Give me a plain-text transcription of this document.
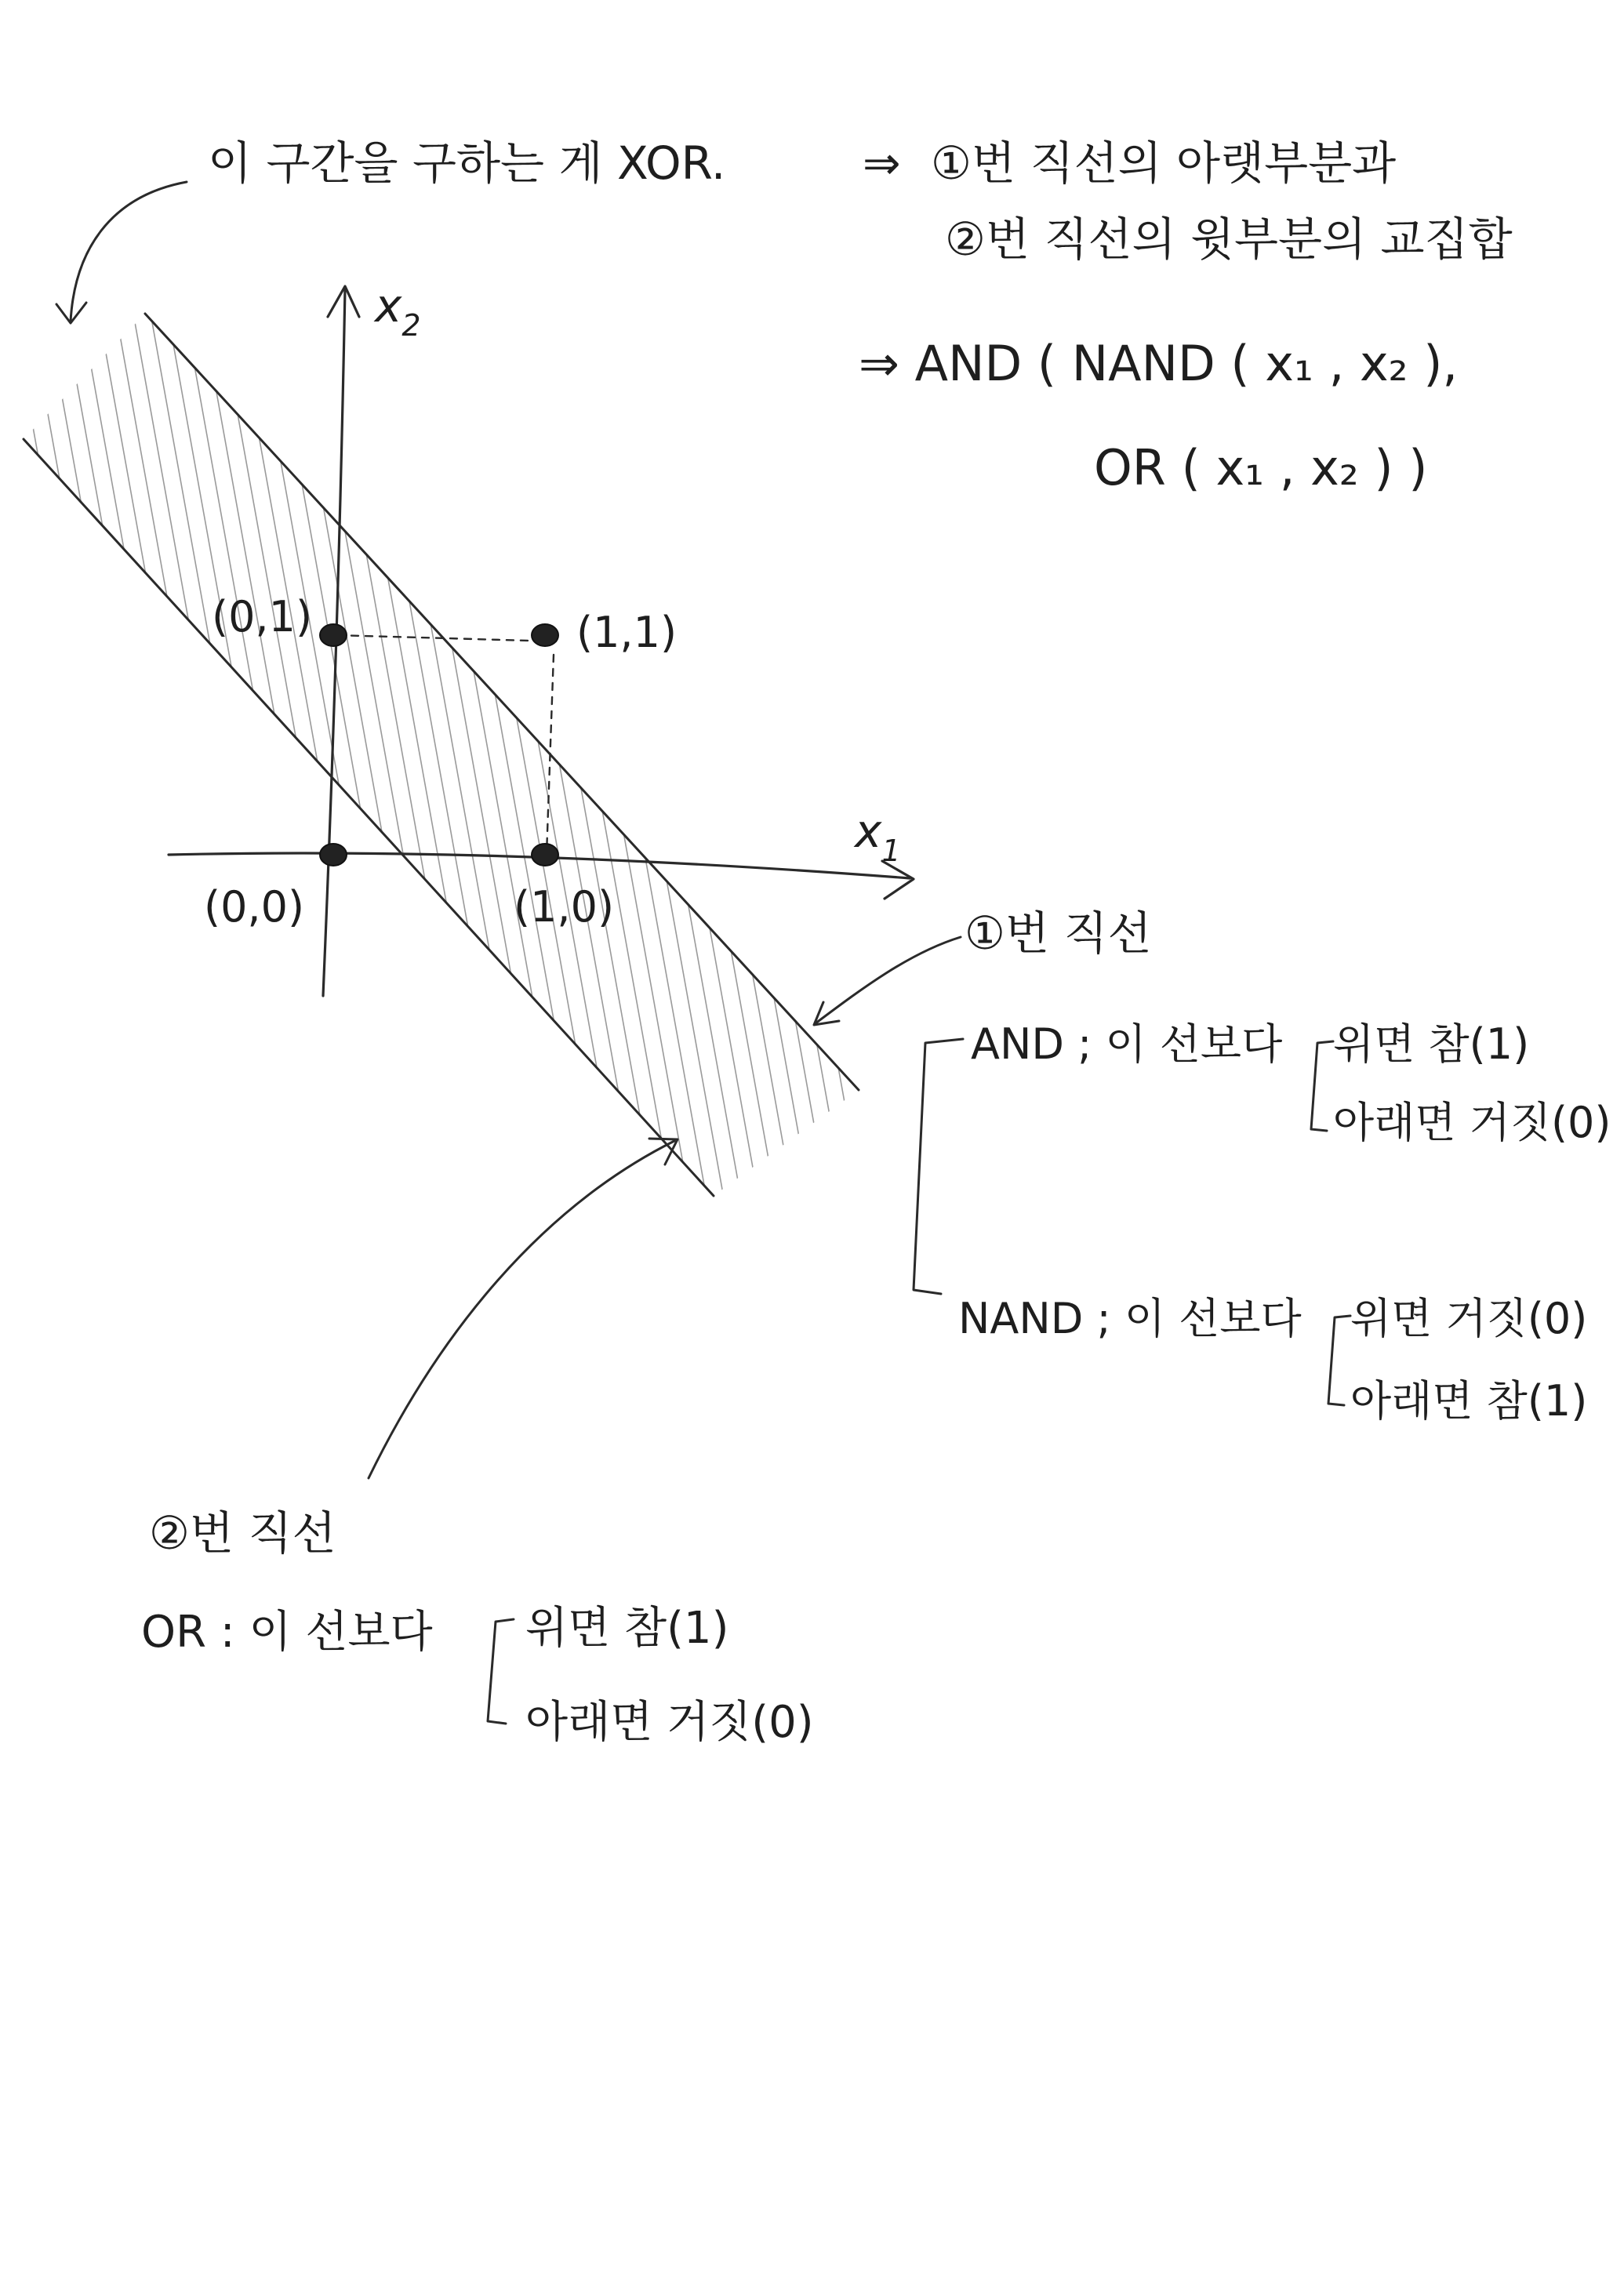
(0,0)	(1,0)
(0,1)	(1,1)
$x_1$
$x_2$
이 구간을 구하는 게 XOR.	⇒ ①번 직선의 아랫부분과
②번 직선의 윗부분의 교집합
⇒ AND ( NAND ( x₁ , x₂ ),
OR ( x₁ , x₂ ) )
①번 직선
AND ; 이 선보다 위면 참(1)
아래면 거짓(0)
NAND ; 이 선보다 위면 거짓(0)
아래면 참(1)
②번 직선
OR : 이 선보다 위면 참(1)
아래면 거짓(0)
